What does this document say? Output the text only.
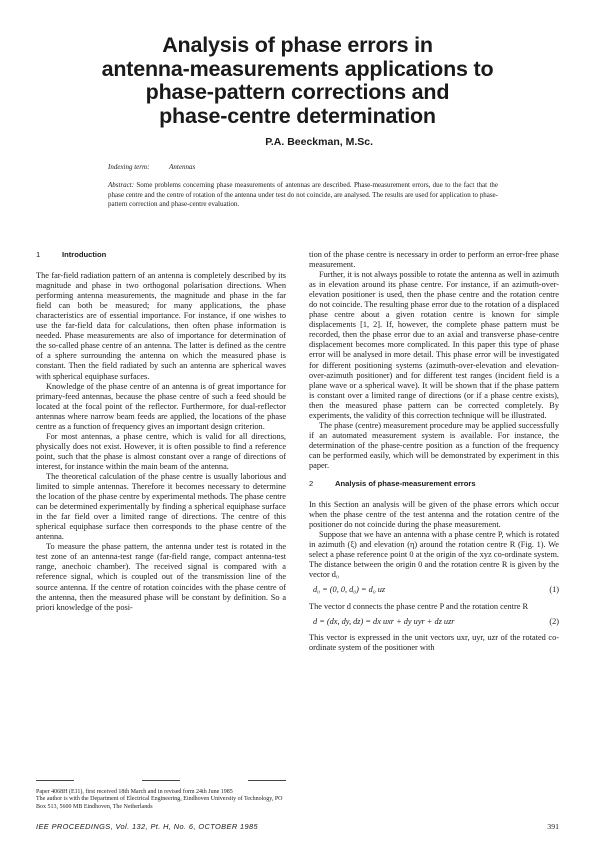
Analysis of phase errors in
antenna-measurements applications to
phase-pattern corrections and
phase-centre determination

P.A. Beeckman, M.Sc.

Indexing term:	Antennas

Abstract: Some problems concerning phase measurements of antennas are described. Phase-measurement errors, due to the fact that the phase centre and the centre of rotation of the antenna under test do not coincide, are analysed. The results are used for application to phase-pattern correction and phase-centre evaluation.

1	Introduction

The far-field radiation pattern of an antenna is completely described by its magnitude and phase in two orthogonal polarisation directions. When performing antenna measurements, the magnitude and phase in the far field can both be measured; for many applications, the phase characteristics are of essential importance. For instance, if one wishes to use the far-field data for calculations, then often phase information is needed. Phase measurements are also of importance for determination of the so-called phase centre of an antenna. The latter is defined as the centre of a sphere surrounding the antenna on which the measured phase is constant. Then the field radiated by such an antenna are spherical waves with spherical equiphase surfaces.

Knowledge of the phase centre of an antenna is of great importance for primary-feed antennas, because the phase centre of such a feed should be located at the focal point of the reflector. Furthermore, for dual-reflector antennas where narrow beam feeds are applied, the locations of the phase centre as a function of frequency gives an important design criterion.

For most antennas, a phase centre, which is valid for all directions, physically does not exist. However, it is often possible to find a reference point, such that the phase is almost constant over a range of directions of interest, for instance within the main beam of the antenna.

The theoretical calculation of the phase centre is usually laborious and limited to simple antennas. Therefore it becomes necessary to determine the location of the phase centre by experimental methods. The phase centre can be determined experimentally by finding a spherical equiphase surface in the far field over a limited range of directions. The centre of this spherical equiphase surface then corresponds to the phase centre of the antenna.

To measure the phase pattern, the antenna under test is rotated in the test zone of an antenna-test range (far-field range, compact antenna-test range, anechoic chamber). The received signal is compared with a reference signal, which is coupled out of the transmission line of the source antenna. If the centre of rotation coincides with the phase centre of the antenna, then the measured phase will be constant by definition. So a priori knowledge of the posi-

Paper 4068H (E11), first received 18th March and in revised form 24th June 1985

The author is with the Department of Electrical Engineering, Eindhoven University of Technology, PO Box 513, 5600 MB Eindhoven, The Netherlands

tion of the phase centre is necessary in order to perform an error-free phase measurement.

Further, it is not always possible to rotate the antenna as well in azimuth as in elevation around its phase centre. For instance, if an azimuth-over-elevation positioner is used, then the phase centre and the rotation centre do not coincide. The resulting phase error due to the rotation of a displaced phase centre about a given rotation centre is known for simple displacements [1, 2]. If, however, the complete phase pattern must be recorded, then the phase error due to an axial and transverse phase-centre displacement becomes more complicated. In this paper this type of phase error will be analysed in more detail. This phase error will be investigated for different positioning systems (azimuth-over-elevation and elevation-over-azimuth positioner) and for different test ranges (incident field is a plane wave or a spherical wave). It will be shown that if the phase pattern is constant over a limited range of directions (or if a phase centre exists), then the measured phase pattern can be corrected completely. By experiments, the validity of this correction technique will be illustrated.

The phase (centre) measurement procedure may be applied successfully if an automated measurement system is available. For instance, the determination of the phase-centre position as a function of the frequency can be performed easily, which will be demonstrated by experiment in this paper.

2	Analysis of phase-measurement errors

In this Section an analysis will be given of the phase errors which occur when the phase centre of the test antenna and the rotation centre of the positioner do not coincide during the phase measurement.

Suppose that we have an antenna with a phase centre P, which is rotated in azimuth (ξ) and elevation (η) around the rotation centre R (Fig. 1). We select a phase reference point 0 at the origin of the xyz co-ordinate system. The distance between the origin 0 and the rotation centre R is given by the vector d₀

d₀ = (0, 0, d₀) = d₀ uz	(1)

The vector d connects the phase centre P and the rotation centre R

d = (dx, dy, dz) = dx uxr + dy uyr + dz uzr	(2)

This vector is expressed in the unit vectors uxr, uyr, uzr of the rotated co-ordinate system of the positioner with

IEE PROCEEDINGS, Vol. 132, Pt. H, No. 6, OCTOBER 1985	391
